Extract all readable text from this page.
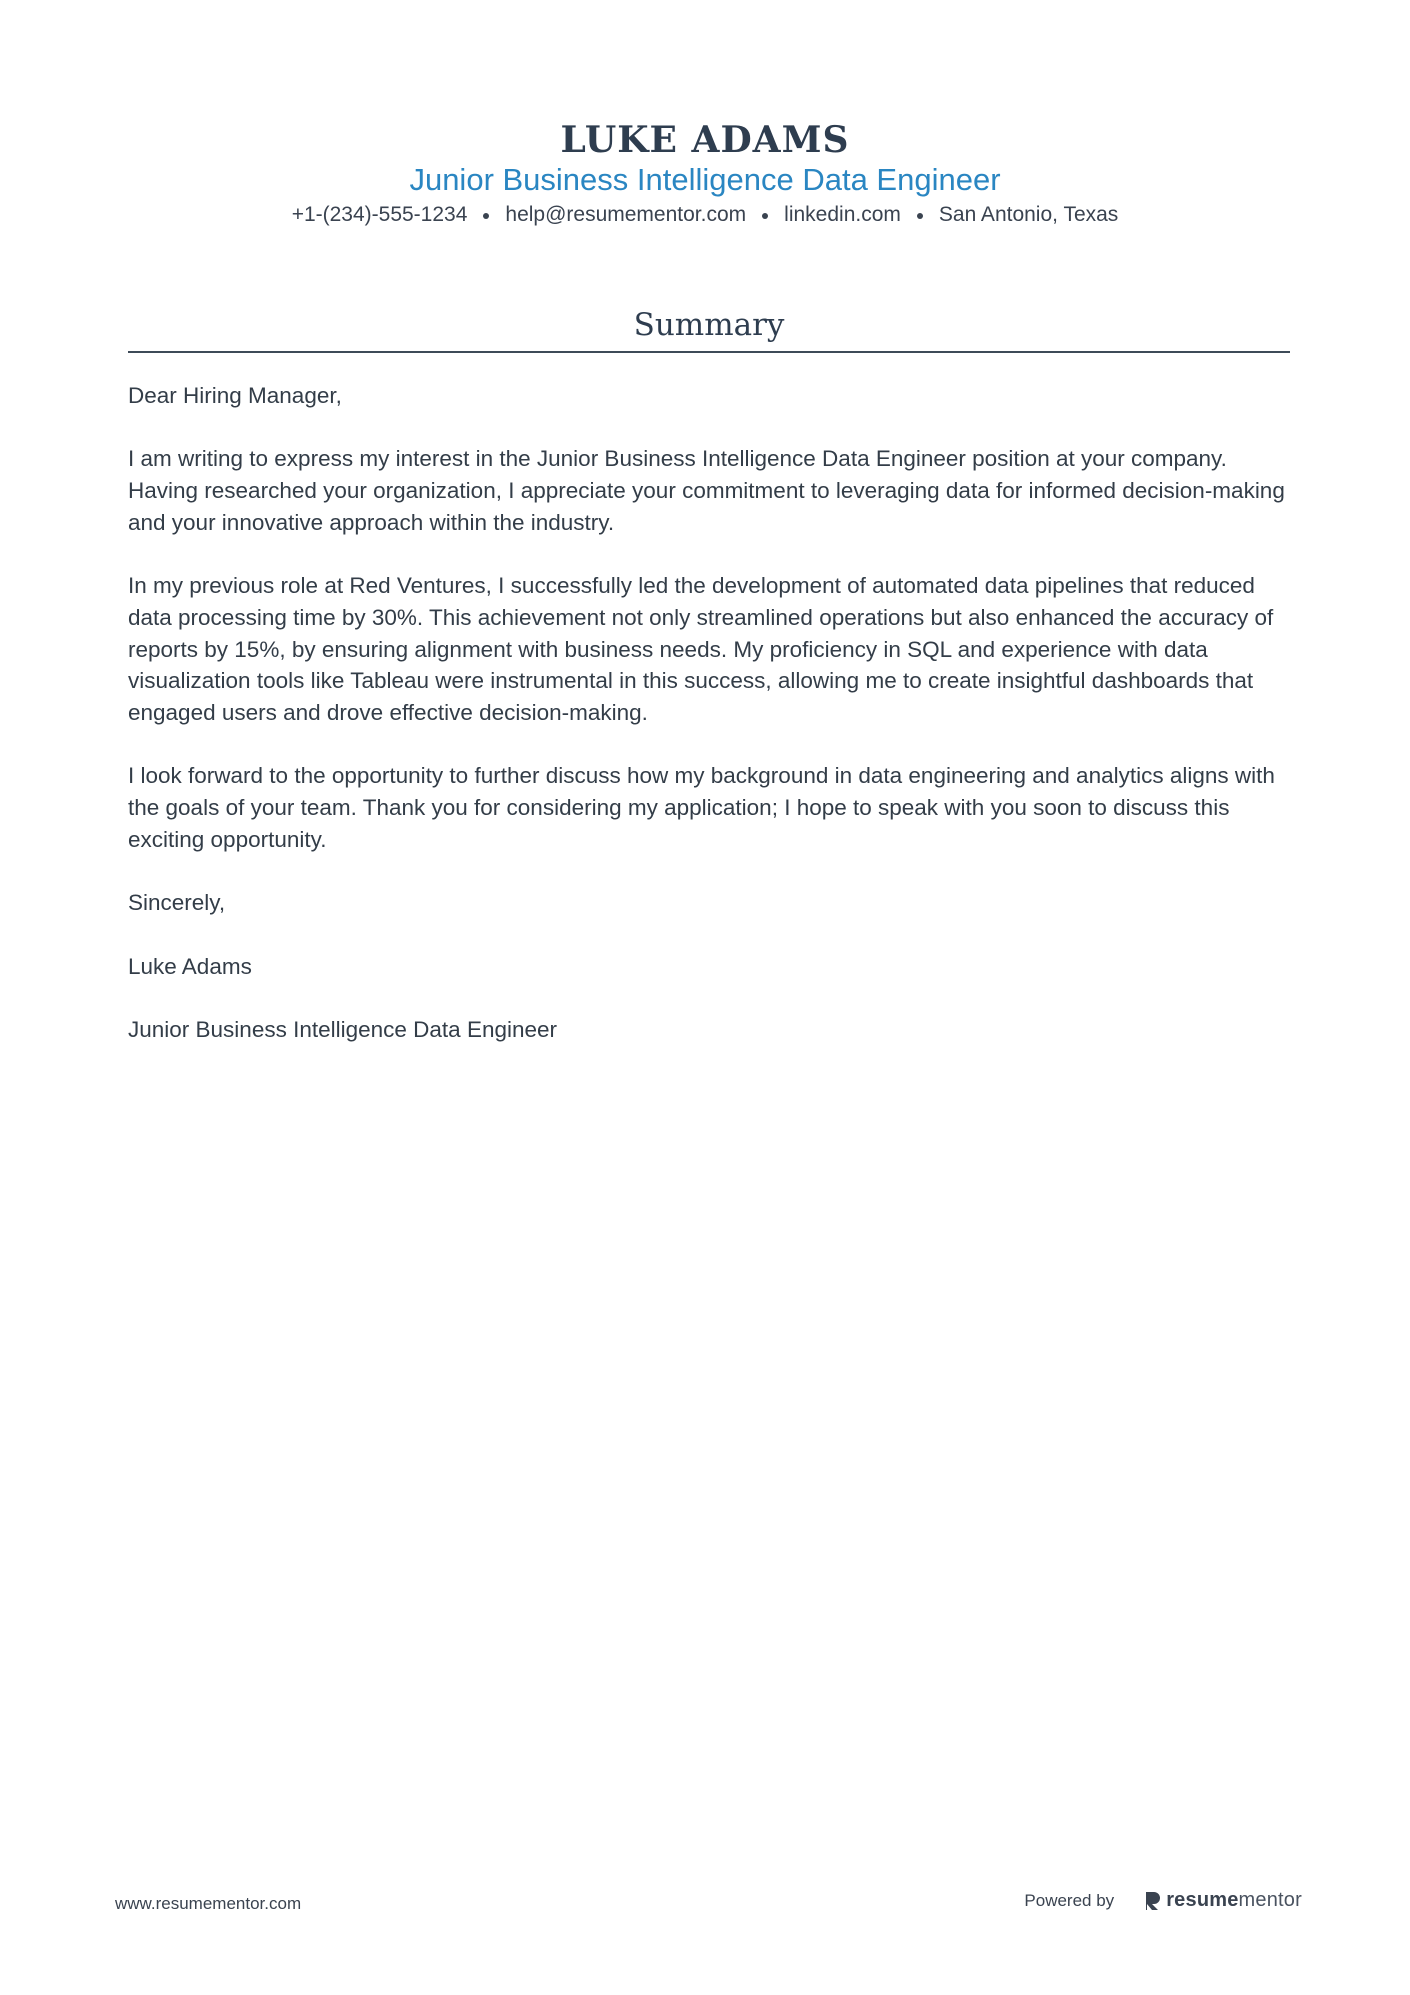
LUKE ADAMS
Junior Business Intelligence Data Engineer
+1-(234)-555-1234 help@resumementor.com linkedin.com San Antonio, Texas
Summary

Dear Hiring Manager,

I am writing to express my interest in the Junior Business Intelligence Data Engineer position at your company. Having researched your organization, I appreciate your commitment to leveraging data for informed decision-making and your innovative approach within the industry.

In my previous role at Red Ventures, I successfully led the development of automated data pipelines that reduced data processing time by 30%. This achievement not only streamlined operations but also enhanced the accuracy of reports by 15%, by ensuring alignment with business needs. My proficiency in SQL and experience with data visualization tools like Tableau were instrumental in this success, allowing me to create insightful dashboards that engaged users and drove effective decision-making.

I look forward to the opportunity to further discuss how my background in data engineering and analytics aligns with the goals of your team. Thank you for considering my application; I hope to speak with you soon to discuss this exciting opportunity.

Sincerely,

Luke Adams

Junior Business Intelligence Data Engineer

www.resumementor.com	Powered by	resume mentor
